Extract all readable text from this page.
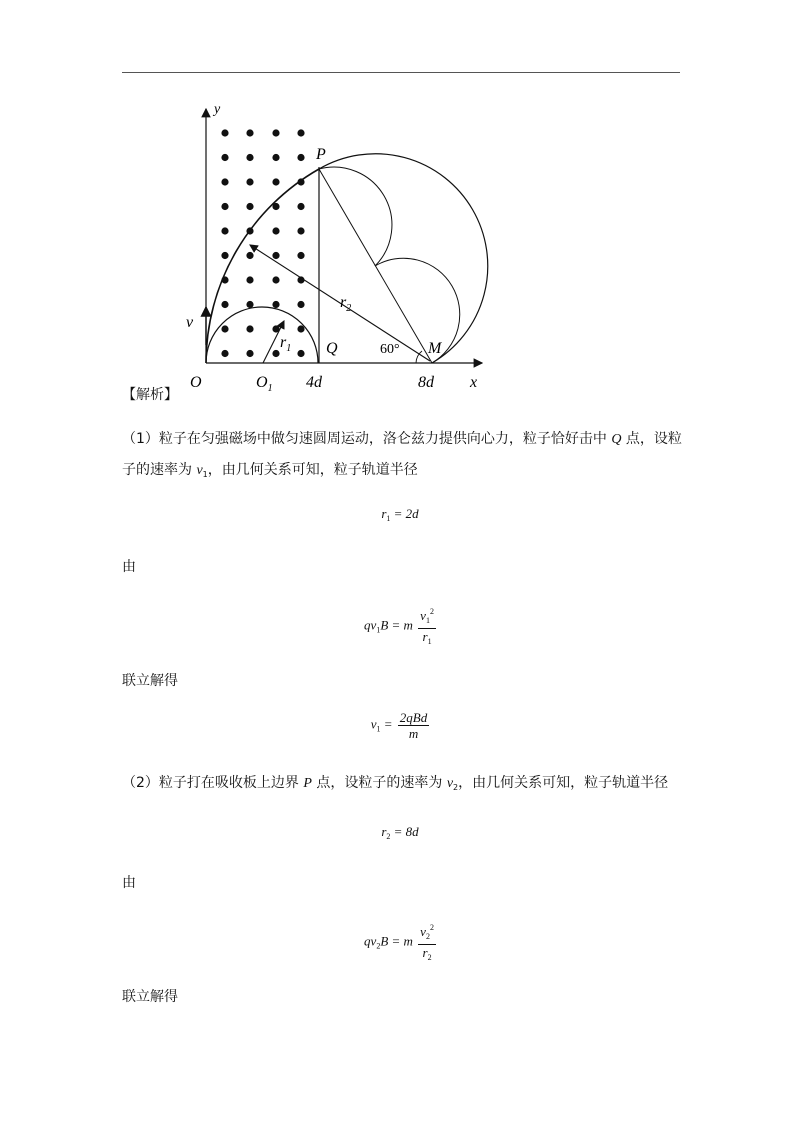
y
x
O	$O_1$ 4d	8d
P
Q	M
v
$r_1$
$r_2$
60°
【解析】
（1）粒子在匀强磁场中做匀速圆周运动，洛仑兹力提供向心力，粒子恰好击中 Q 点，设粒
子的速率为 $v_1$，由几何关系可知，粒子轨道半径
$r_1 = 2d$
由
$qv_1B = m \frac{v_1^2}{r_1}$
联立解得
$v_1 = \frac{\text{2qBd}}{m}$
（2）粒子打在吸收板上边界 P 点，设粒子的速率为 $v_2$，由几何关系可知，粒子轨道半径
$r_2 = 8d$
由
$qv_2B = m \frac{v_2^2}{r_2}$
联立解得
